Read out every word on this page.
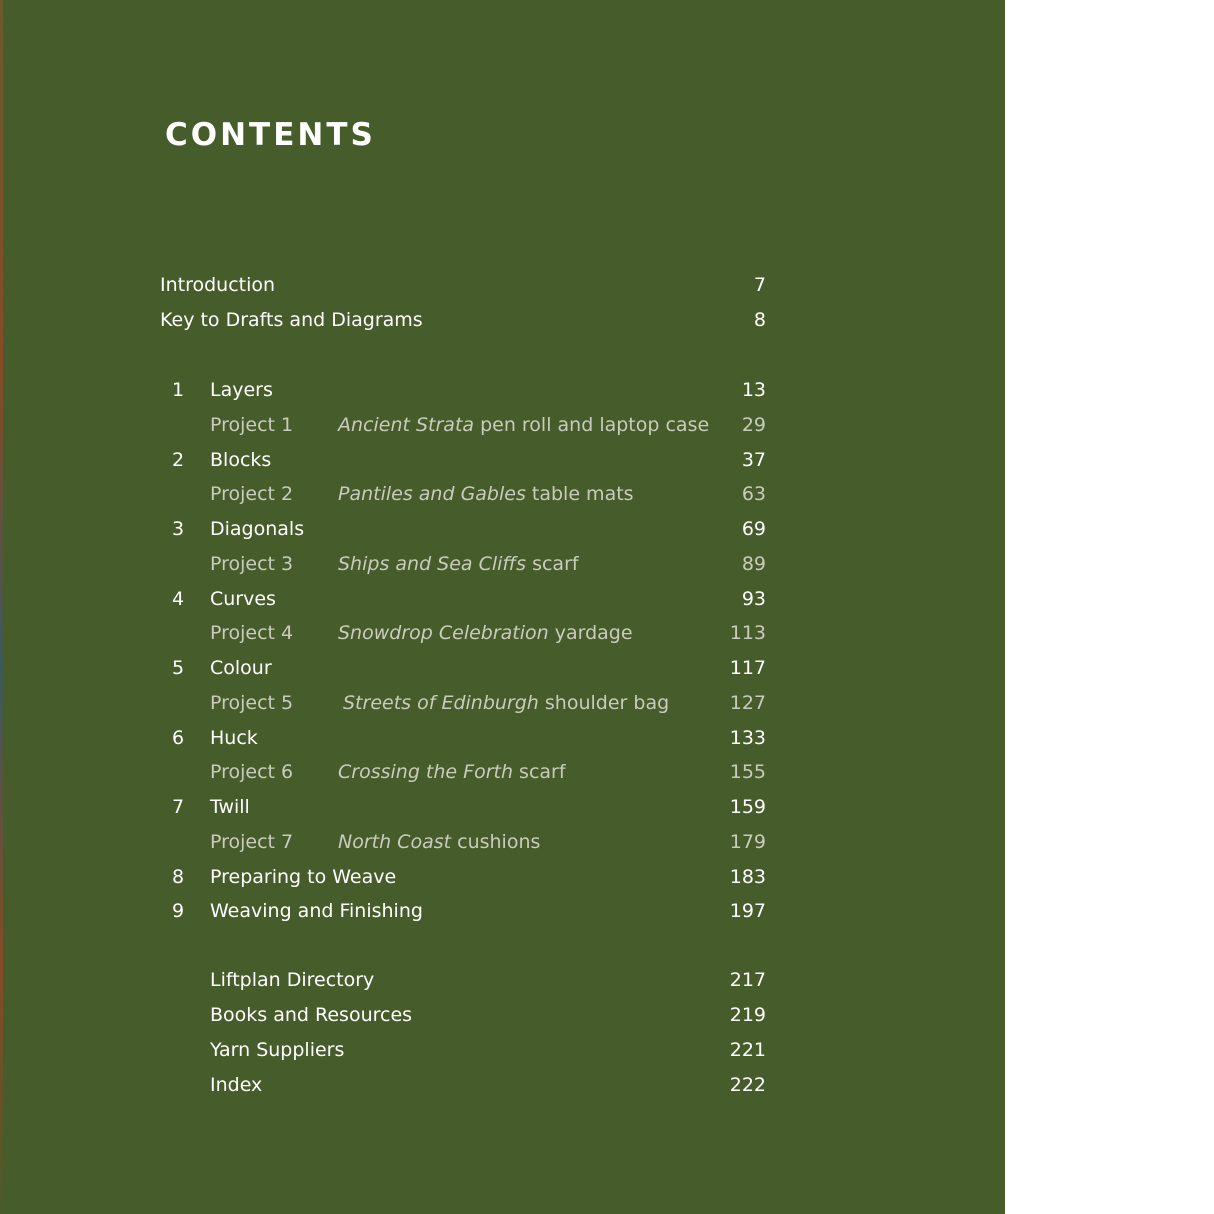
CONTENTS
Introduction	7
Key to Drafts and Diagrams	8
1 Layers	13
Project 1 Ancient Strata pen roll and laptop case 29
2 Blocks	37
Project 2 Pantiles and Gables table mats	63
3 Diagonals	69
Project 3 Ships and Sea Cliffs scarf	89
4 Curves	93
Project 4 Snowdrop Celebration yardage	113
5 Colour	117
Project 5	Streets of Edinburgh shoulder bag	127
6 Huck	133
Project 6 Crossing the Forth scarf	155
7 Twill	159
Project 7 North Coast cushions	179
8 Preparing to Weave	183
9 Weaving and Finishing	197
Liftplan Directory	217
Books and Resources	219
Yarn Suppliers	221
Index	222
